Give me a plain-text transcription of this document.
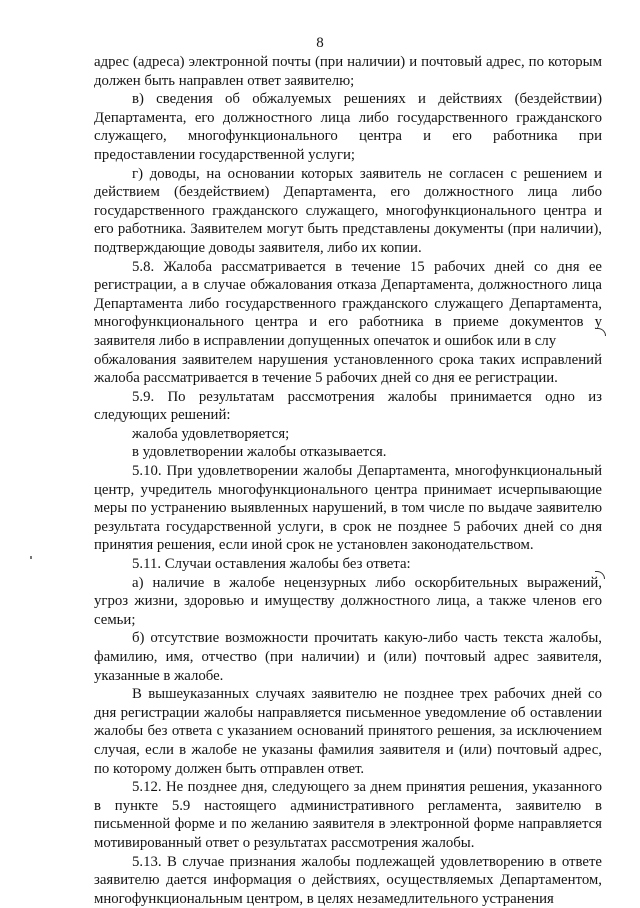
8

адрес (адреса) электронной почты (при наличии) и почтовый адрес, по которым должен быть направлен ответ заявителю;

в) сведения об обжалуемых решениях и действиях (бездействии) Департамента, его должностного лица либо государственного гражданского служащего, многофункционального центра и его работника при предоставлении государственной услуги;

г) доводы, на основании которых заявитель не согласен с решением и действием (бездействием) Департамента, его должностного лица либо государственного гражданского служащего, многофункционального центра и его работника. Заявителем могут быть представлены документы (при наличии), подтверждающие доводы заявителя, либо их копии.

5.8. Жалоба рассматривается в течение 15 рабочих дней со дня ее регистрации, а в случае обжалования отказа Департамента, должностного лица Департамента либо государственного гражданского служащего Департамента, многофункционального центра и его работника в приеме документов у заявителя либо в исправлении допущенных опечаток и ошибок или в слу

обжалования заявителем нарушения установленного срока таких исправлений жалоба рассматривается в течение 5 рабочих дней со дня ее регистрации.

5.9. По результатам рассмотрения жалобы принимается одно из следующих решений:

жалоба удовлетворяется;

в удовлетворении жалобы отказывается.

5.10. При удовлетворении жалобы Департамента, многофункциональный центр, учредитель многофункционального центра принимает исчерпывающие меры по устранению выявленных нарушений, в том числе по выдаче заявителю результата государственной услуги, в срок не позднее 5 рабочих дней со дня принятия решения, если иной срок не установлен законодательством.

5.11. Случаи оставления жалобы без ответа:

а) наличие в жалобе нецензурных либо оскорбительных выражений, угроз жизни, здоровью и имуществу должностного лица, а также членов его семьи;

б) отсутствие возможности прочитать какую-либо часть текста жалобы, фамилию, имя, отчество (при наличии) и (или) почтовый адрес заявителя, указанные в жалобе.

В вышеуказанных случаях заявителю не позднее трех рабочих дней со дня регистрации жалобы направляется письменное уведомление об оставлении жалобы без ответа с указанием оснований принятого решения, за исключением случая, если в жалобе не указаны фамилия заявителя и (или) почтовый адрес, по которому должен быть отправлен ответ.

5.12. Не позднее дня, следующего за днем принятия решения, указанного в пункте 5.9 настоящего административного регламента, заявителю в письменной форме и по желанию заявителя в электронной форме направляется мотивированный ответ о результатах рассмотрения жалобы.

5.13. В случае признания жалобы подлежащей удовлетворению в ответе заявителю дается информация о действиях, осуществляемых Департаментом, многофункциональным центром, в целях незамедлительного устранения
